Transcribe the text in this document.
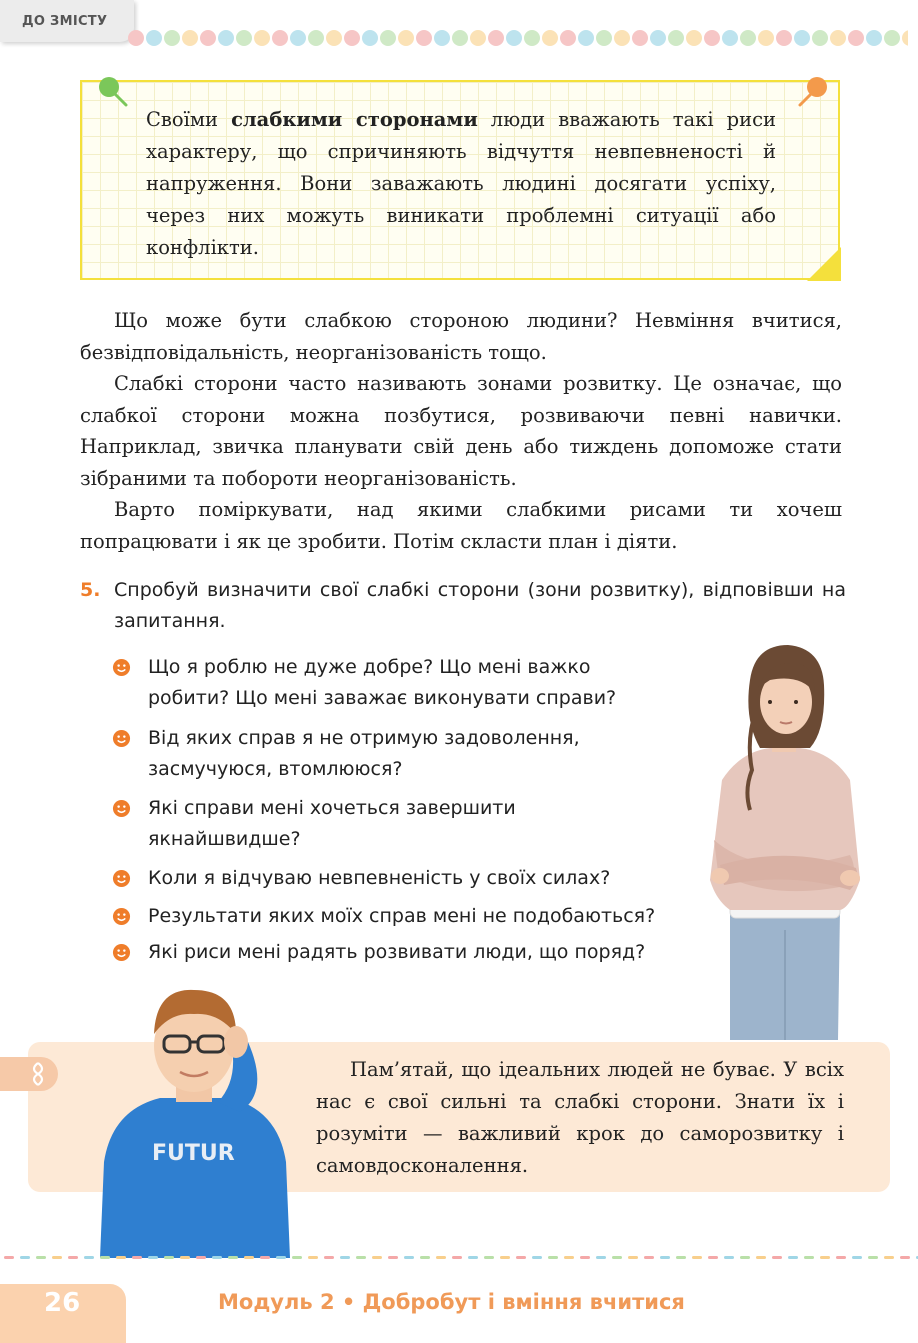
ДО ЗМІСТУ

Своїми слабкими сторонами люди вважають такі риси характеру, що спричиняють відчуття невпевненості й напруження. Вони заважають людині досягати успіху, через них можуть виникати проблемні ситуації або конфлікти.

Що може бути слабкою стороною людини? Невміння вчитися, безвідповідальність, неорганізованість тощо.

Слабкі сторони часто називають зонами розвитку. Це означає, що слабкої сторони можна позбутися, розвиваючи певні навички. Наприклад, звичка планувати свій день або тиждень допоможе стати зібраними та побороти неорганізованість.

Варто поміркувати, над якими слабкими рисами ти хочеш попрацювати і як це зробити. Потім скласти план і діяти.

5. Спробуй визначити свої слабкі сторони (зони розвитку), відповівши на запитання.
Що я роблю не дуже добре? Що мені важко робити? Що мені заважає виконувати справи?
Від яких справ я не отримую задоволення, засмучуюся, втомлююся?
Які справи мені хочеться завершити якнайшвидше?
Коли я відчуваю невпевненість у своїх силах?
Результати яких моїх справ мені не подобаються?
Які риси мені радять розвивати люди, що поряд?

Пам’ятай, що ідеальних людей не буває. У всіх нас є свої сильні та слабкі сторони. Знати їх і розуміти — важливий крок до саморозвитку і самовдосконалення.

FUTUR
26	Модуль 2 • Добробут і вміння вчитися
